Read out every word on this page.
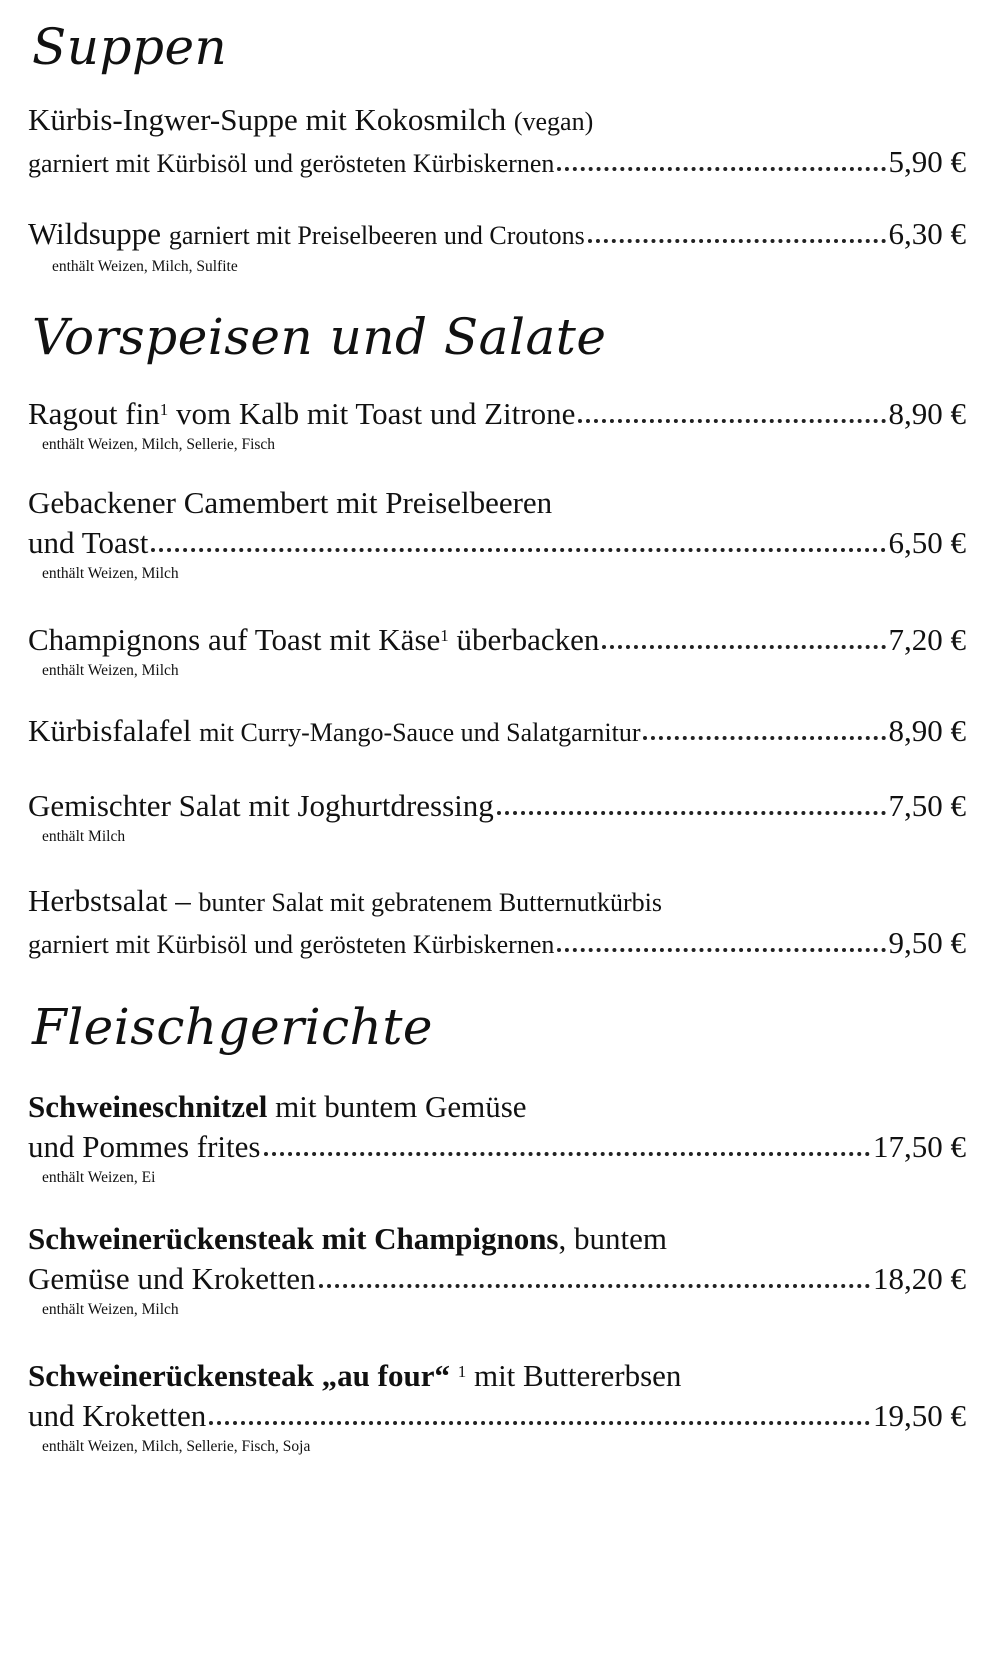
Suppen
Kürbis-Ingwer-Suppe mit Kokosmilch (vegan)
garniert mit Kürbisöl und gerösteten Kürbiskernen	5,90 €
Wildsuppe garniert mit Preiselbeeren und Croutons	6,30 €
enthält Weizen, Milch, Sulfite
Vorspeisen und Salate
Ragout fin$^1$ vom Kalb mit Toast und Zitrone	8,90 €
enthält Weizen, Milch, Sellerie, Fisch
Gebackener Camembert mit Preiselbeeren
und Toast	6,50 €
enthält Weizen, Milch
Champignons auf Toast mit Käse$^1$ überbacken	7,20 €
enthält Weizen, Milch
Kürbisfalafel mit Curry-Mango-Sauce und Salatgarnitur	8,90 €
Gemischter Salat mit Joghurtdressing	7,50 €
enthält Milch
Herbstsalat – bunter Salat mit gebratenem Butternutkürbis
garniert mit Kürbisöl und gerösteten Kürbiskernen	9,50 €
Fleischgerichte
Schweineschnitzel mit buntem Gemüse
und Pommes frites	17,50 €
enthält Weizen, Ei
Schweinerückensteak mit Champignons, buntem
Gemüse und Kroketten	18,20 €
enthält Weizen, Milch
Schweinerückensteak „au four“ $^1$ mit Buttererbsen
und Kroketten	19,50 €
enthält Weizen, Milch, Sellerie, Fisch, Soja
